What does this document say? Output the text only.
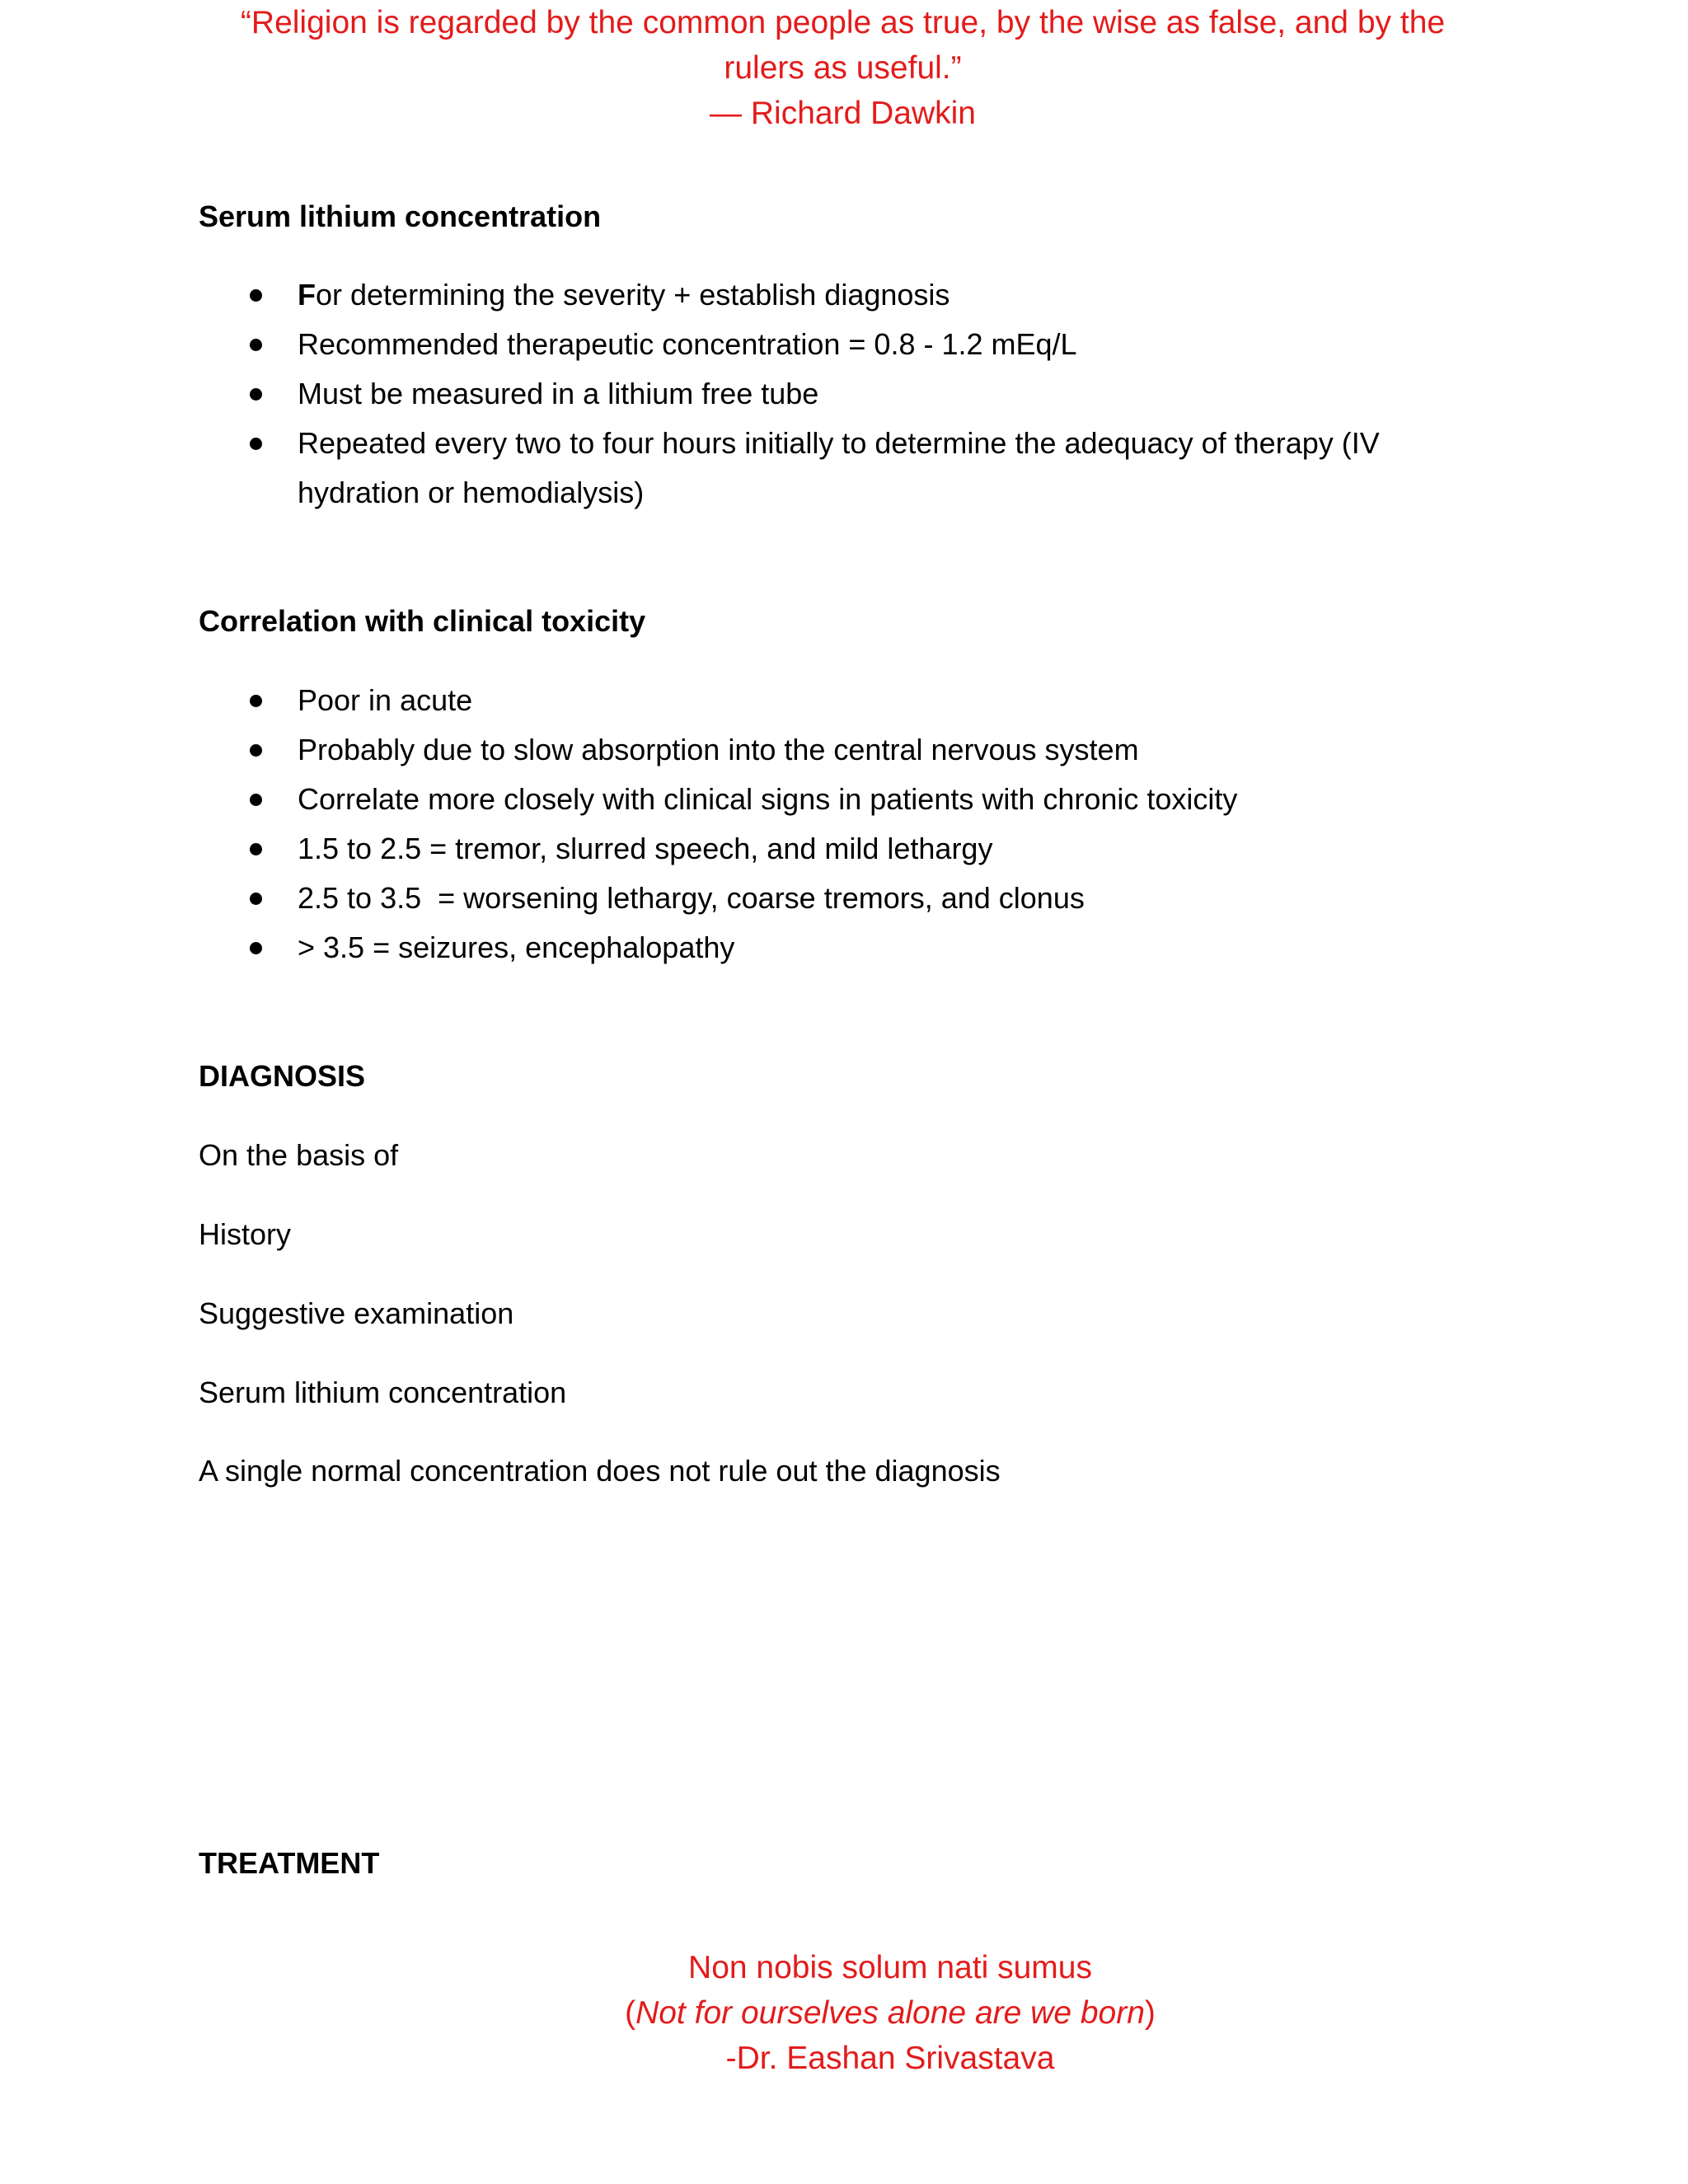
“Religion is regarded by the common people as true, by the wise as false, and by the
rulers as useful.”
— Richard Dawkin
Serum lithium concentration
For determining the severity + establish diagnosis
Recommended therapeutic concentration = 0.8 - 1.2 mEq/L
Must be measured in a lithium free tube
Repeated every two to four hours initially to determine the adequacy of therapy (IV hydration or hemodialysis)
Correlation with clinical toxicity
Poor in acute
Probably due to slow absorption into the central nervous system
Correlate more closely with clinical signs in patients with chronic toxicity
1.5 to 2.5 = tremor, slurred speech, and mild lethargy
2.5 to 3.5  = worsening lethargy, coarse tremors, and clonus
> 3.5 = seizures, encephalopathy
DIAGNOSIS

On the basis of

History

Suggestive examination

Serum lithium concentration

A single normal concentration does not rule out the diagnosis

TREATMENT
Non nobis solum nati sumus
(Not for ourselves alone are we born)
-Dr. Eashan Srivastava
